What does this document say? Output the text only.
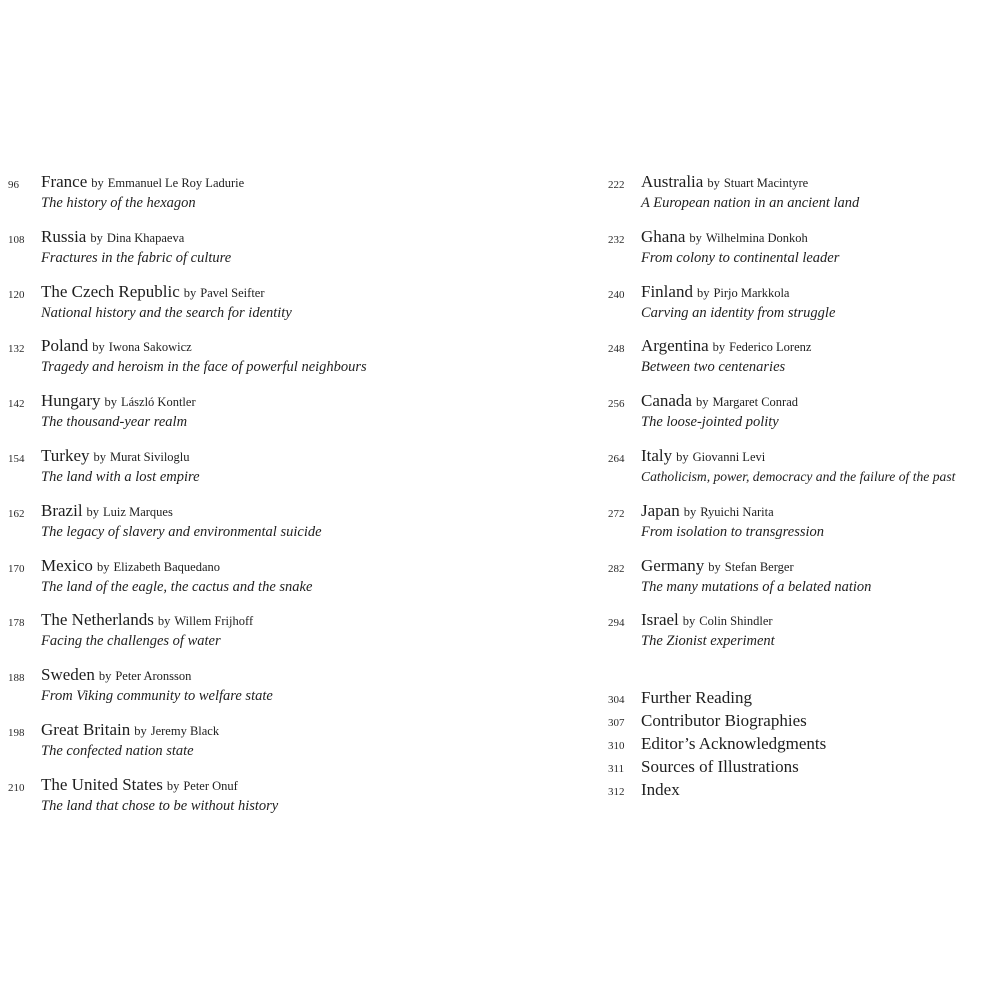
96 France by Emmanuel Le Roy Ladurie
The history of the hexagon
108 Russia by Dina Khapaeva
Fractures in the fabric of culture
120 The Czech Republic by Pavel Seifter
National history and the search for identity
132 Poland by Iwona Sakowicz
Tragedy and heroism in the face of powerful neighbours
142 Hungary by László Kontler
The thousand-year realm
154 Turkey by Murat Siviloglu
The land with a lost empire
162 Brazil by Luiz Marques
The legacy of slavery and environmental suicide
170 Mexico by Elizabeth Baquedano
The land of the eagle, the cactus and the snake
178 The Netherlands by Willem Frijhoff
Facing the challenges of water
188 Sweden by Peter Aronsson
From Viking community to welfare state
198 Great Britain by Jeremy Black
The confected nation state
210 The United States by Peter Onuf
The land that chose to be without history
222 Australia by Stuart Macintyre
A European nation in an ancient land
232 Ghana by Wilhelmina Donkoh
From colony to continental leader
240 Finland by Pirjo Markkola
Carving an identity from struggle
248 Argentina by Federico Lorenz
Between two centenaries
256 Canada by Margaret Conrad
The loose-jointed polity
264 Italy by Giovanni Levi
Catholicism, power, democracy and the failure of the past
272 Japan by Ryuichi Narita
From isolation to transgression
282 Germany by Stefan Berger
The many mutations of a belated nation
294 Israel by Colin Shindler
The Zionist experiment
304 Further Reading
307 Contributor Biographies
310 Editor’s Acknowledgments
311 Sources of Illustrations
312 Index
